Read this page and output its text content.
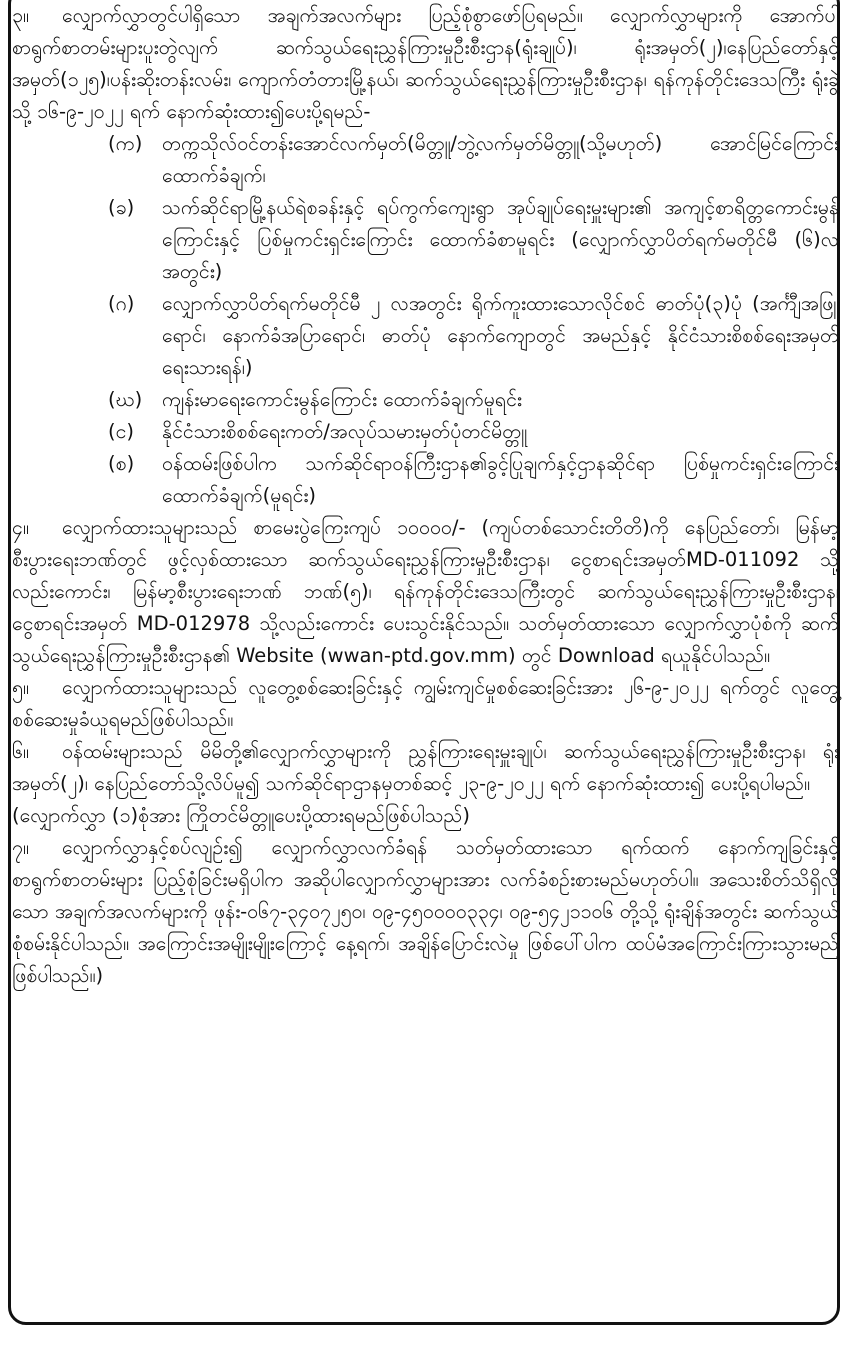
၃။ လျှောက်လွှာတွင်ပါရှိသော အချက်အလက်များ ပြည့်စုံစွာဖော်ပြရမည်။ လျှောက်လွှာများကို အောက်ပါစာရွက်စာတမ်းများပူးတွဲလျက် ဆက်သွယ်ရေးညွှန်ကြားမှုဦးစီးဌာန(ရုံးချုပ်)၊ ရုံးအမှတ်(၂)၊နေပြည်တော်နှင့် အမှတ်(၁၂၅)၊ပန်းဆိုးတန်းလမ်း၊ ကျောက်တံတားမြို့နယ်၊ ဆက်သွယ်ရေးညွှန်ကြားမှုဦးစီးဌာန၊ ရန်ကုန်တိုင်းဒေသကြီး ရုံးခွဲသို့ ၁၆-၉-၂၀၂၂ ရက် နောက်ဆုံးထား၍ပေးပို့ရမည်-

(က)	တက္ကသိုလ်ဝင်တန်းအောင်လက်မှတ်(မိတ္တူ/ဘွဲ့လက်မှတ်မိတ္တူ(သို့မဟုတ်) အောင်မြင်ကြောင်းထောက်ခံချက်၊
(ခ)	သက်ဆိုင်ရာမြို့နယ်ရဲစခန်းနှင့် ရပ်ကွက်ကျေးရွာ အုပ်ချုပ်ရေးမှူးများ၏ အကျင့်စာရိတ္တကောင်းမွန်ကြောင်းနှင့် ပြစ်မှုကင်းရှင်းကြောင်း ထောက်ခံစာမူရင်း (လျှောက်လွှာပိတ်ရက်မတိုင်မီ (၆)လအတွင်း)
(ဂ)	လျှောက်လွှာပိတ်ရက်မတိုင်မီ ၂ လအတွင်း ရိုက်ကူးထားသောလိုင်စင် ဓာတ်ပုံ(၃)ပုံ (အင်္ကျီအဖြူရောင်၊ နောက်ခံအပြာရောင်၊ ဓာတ်ပုံ နောက်ကျောတွင် အမည်နှင့် နိုင်ငံသားစိစစ်ရေးအမှတ်ရေးသားရန်၊)
(ဃ)	ကျန်းမာရေးကောင်းမွန်ကြောင်း ထောက်ခံချက်မူရင်း
(င)	နိုင်ငံသားစိစစ်ရေးကတ်/အလုပ်သမားမှတ်ပုံတင်မိတ္တူ
(စ)	ဝန်ထမ်းဖြစ်ပါက သက်ဆိုင်ရာဝန်ကြီးဌာန၏ခွင့်ပြုချက်နှင့်ဌာနဆိုင်ရာ ပြစ်မှုကင်းရှင်းကြောင်း ထောက်ခံချက်(မူရင်း)

၄။ လျှောက်ထားသူများသည် စာမေးပွဲကြေးကျပ် ၁၀၀၀၀/- (ကျပ်တစ်သောင်းတိတိ)ကို နေပြည်တော်၊ မြန်မာ့စီးပွားရေးဘဏ်တွင် ဖွင့်လှစ်ထားသော ဆက်သွယ်ရေးညွှန်ကြားမှုဦးစီးဌာန၊ ငွေစာရင်းအမှတ်MD-011092 သို့လည်းကောင်း၊ မြန်မာ့စီးပွားရေးဘဏ် ဘဏ်(၅)၊ ရန်ကုန်တိုင်းဒေသကြီးတွင် ဆက်သွယ်ရေးညွှန်ကြားမှုဦးစီးဌာန၊ ငွေစာရင်းအမှတ် MD-012978 သို့လည်းကောင်း ပေးသွင်းနိုင်သည်။ သတ်မှတ်ထားသော လျှောက်လွှာပုံစံကို ဆက်သွယ်ရေးညွှန်ကြားမှုဦးစီးဌာန၏ Website (wwan-ptd.gov.mm) တွင် Download ရယူနိုင်ပါသည်။

၅။ လျှောက်ထားသူများသည် လူတွေ့စစ်ဆေးခြင်းနှင့် ကျွမ်းကျင်မှုစစ်ဆေးခြင်းအား ၂၆-၉-၂၀၂၂ ရက်တွင် လူတွေ့စစ်ဆေးမှုခံယူရမည်ဖြစ်ပါသည်။

၆။ ဝန်ထမ်းများသည် မိမိတို့၏လျှောက်လွှာများကို ညွှန်ကြားရေးမှူးချုပ်၊ ဆက်သွယ်ရေးညွှန်ကြားမှုဦးစီးဌာန၊ ရုံးအမှတ်(၂)၊ နေပြည်တော်သို့လိပ်မူ၍ သက်ဆိုင်ရာဌာနမှတစ်ဆင့် ၂၃-၉-၂၀၂၂ ရက် နောက်ဆုံးထား၍ ပေးပို့ရပါမည်။

(လျှောက်လွှာ (၁)စုံအား ကြိုတင်မိတ္တူပေးပို့ထားရမည်ဖြစ်ပါသည်)

၇။ လျှောက်လွှာနှင့်စပ်လျဉ်း၍ လျှောက်လွှာလက်ခံရန် သတ်မှတ်ထားသော ရက်ထက် နောက်ကျခြင်းနှင့်စာရွက်စာတမ်းများ ပြည့်စုံခြင်းမရှိပါက အဆိုပါလျှောက်လွှာများအား လက်ခံစဉ်းစားမည်မဟုတ်ပါ။ အသေးစိတ်သိရှိလိုသော အချက်အလက်များကို ဖုန်း-၀၆၇-၃၄၀၇၂၅၀၊ ၀၉-၄၅၀၀၀၀၃၃၄၊ ၀၉-၅၄၂၁၁၀၆ တို့သို့ ရုံးချိန်အတွင်း ဆက်သွယ်စုံစမ်းနိုင်ပါသည်။ အကြောင်းအမျိုးမျိုးကြောင့် နေ့ရက်၊ အချိန်ပြောင်းလဲမှု ဖြစ်ပေါ်ပါက ထပ်မံအကြောင်းကြားသွားမည်ဖြစ်ပါသည်။)
